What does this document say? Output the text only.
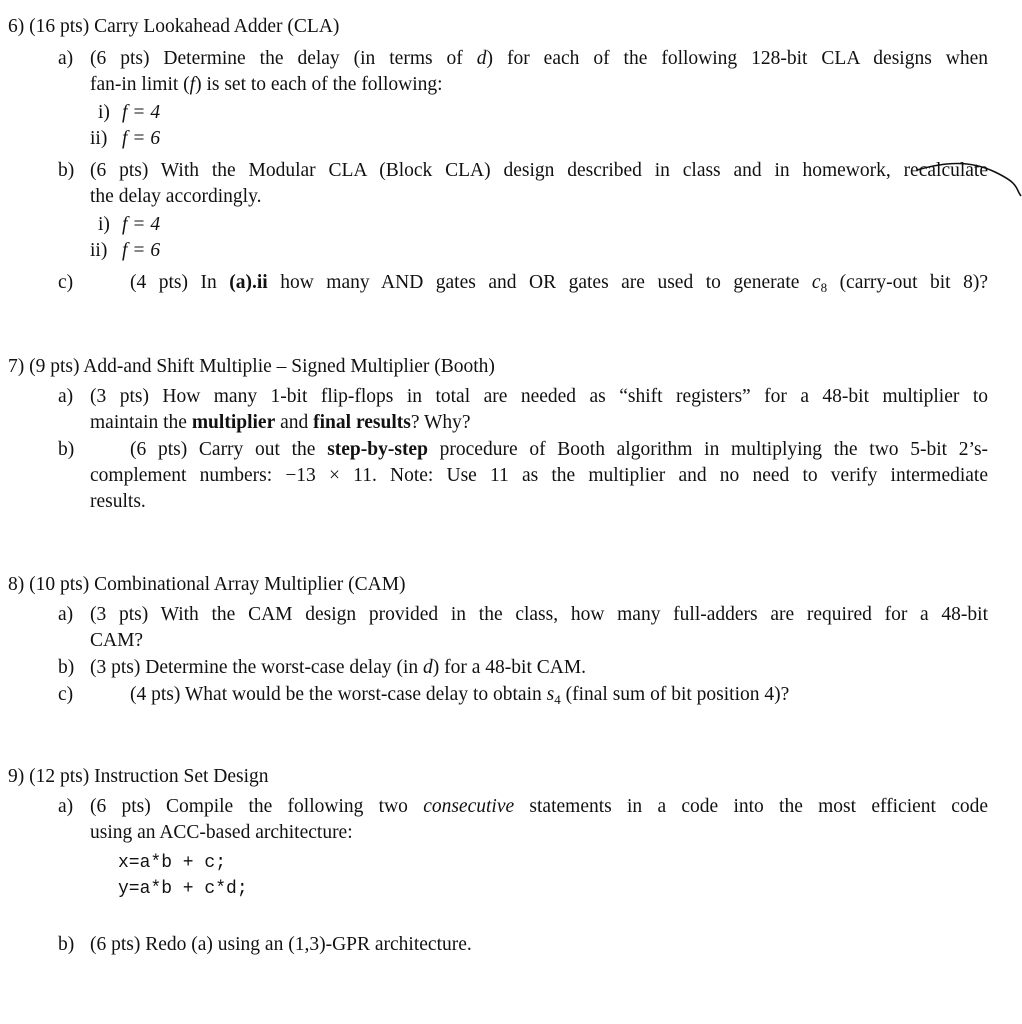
6) (16 pts) Carry Lookahead Adder (CLA)
a) (6 pts) Determine the delay (in terms of d) for each of the following 128-bit CLA designs when
fan-in limit (f) is set to each of the following:
i) f = 4
ii) f = 6
b) (6 pts) With the Modular CLA (Block CLA) design described in class and in homework, recalculate
the delay accordingly.
i) f = 4
ii) f = 6
c)	(4 pts) In (a).ii how many AND gates and OR gates are used to generate $c_8$ (carry-out bit 8)?
7) (9 pts) Add-and Shift Multiplie – Signed Multiplier (Booth)
a) (3 pts) How many 1-bit flip-flops in total are needed as “shift registers” for a 48-bit multiplier to
maintain the multiplier and final results? Why?
b)	(6 pts) Carry out the step-by-step procedure of Booth algorithm in multiplying the two 5-bit 2’s-
complement numbers: −13 × 11. Note: Use 11 as the multiplier and no need to verify intermediate
results.
8) (10 pts) Combinational Array Multiplier (CAM)
a) (3 pts) With the CAM design provided in the class, how many full-adders are required for a 48-bit
CAM?
b) (3 pts) Determine the worst-case delay (in d) for a 48-bit CAM.
c)	(4 pts) What would be the worst-case delay to obtain $s_4$ (final sum of bit position 4)?
9) (12 pts) Instruction Set Design
a) (6 pts) Compile the following two consecutive statements in a code into the most efficient code
using an ACC-based architecture:
x=a*b + c;
y=a*b + c*d;
b) (6 pts) Redo (a) using an (1,3)-GPR architecture.
